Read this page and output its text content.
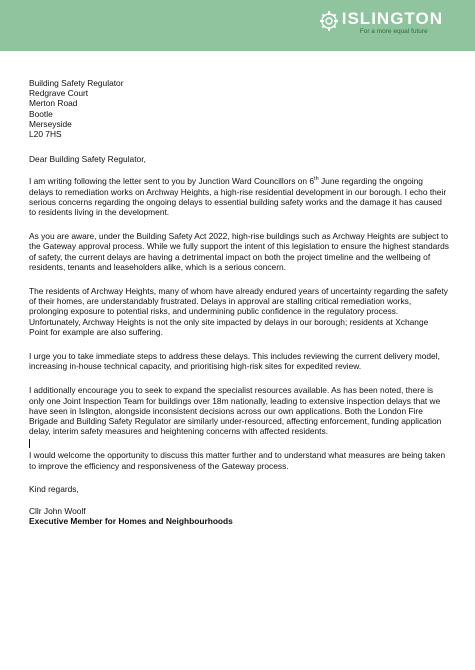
ISLINGTON
For a more equal future
Building Safety Regulator
Redgrave Court
Merton Road
Bootle
Merseyside
L20 7HS
Dear Building Safety Regulator,
I am writing following the letter sent to you by Junction Ward Councillors on 6th June regarding the ongoing delays to remediation works on Archway Heights, a high-rise residential development in our borough. I echo their serious concerns regarding the ongoing delays to essential building safety works and the damage it has caused to residents living in the development.
As you are aware, under the Building Safety Act 2022, high-rise buildings such as Archway Heights are subject to the Gateway approval process. While we fully support the intent of this legislation to ensure the highest standards of safety, the current delays are having a detrimental impact on both the project timeline and the wellbeing of residents, tenants and leaseholders alike, which is a serious concern.
The residents of Archway Heights, many of whom have already endured years of uncertainty regarding the safety of their homes, are understandably frustrated. Delays in approval are stalling critical remediation works, prolonging exposure to potential risks, and undermining public confidence in the regulatory process. Unfortunately, Archway Heights is not the only site impacted by delays in our borough; residents at Xchange Point for example are also suffering.
I urge you to take immediate steps to address these delays. This includes reviewing the current delivery model, increasing in-house technical capacity, and prioritising high-risk sites for expedited review.
I additionally encourage you to seek to expand the specialist resources available. As has been noted, there is only one Joint Inspection Team for buildings over 18m nationally, leading to extensive inspection delays that we have seen in Islington, alongside inconsistent decisions across our own applications. Both the London Fire Brigade and Building Safety Regulator are similarly under-resourced, affecting enforcement, funding application delay, interim safety measures and heightening concerns with affected residents.
I would welcome the opportunity to discuss this matter further and to understand what measures are being taken to improve the efficiency and responsiveness of the Gateway process.
Kind regards,
Cllr John Woolf
Executive Member for Homes and Neighbourhoods
